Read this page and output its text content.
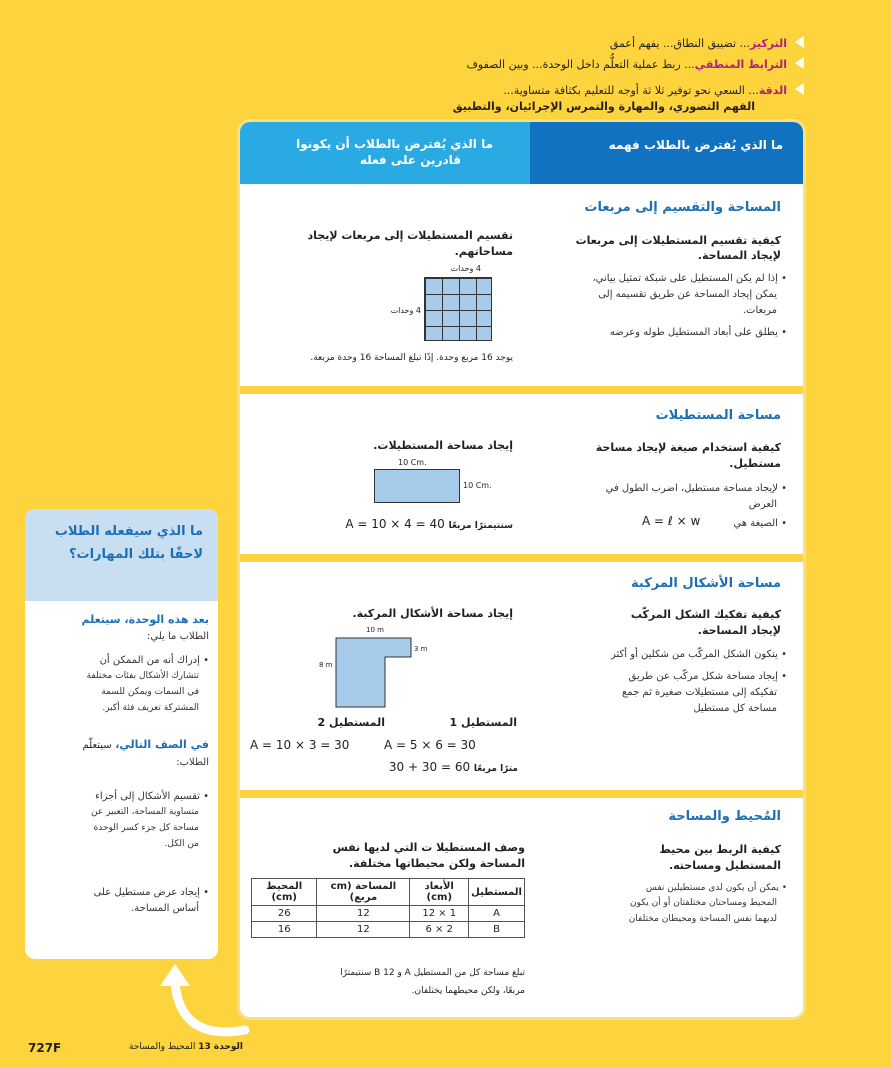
التركيز... تضييق النطاق... يفهم أعمق
الترابط المنطقي... ربط عملية التعلُّم داخل الوحدة... وبين الصفوف
الدقة... السعي نحو توفير ثلا ثة أوجه للتعليم بكثافة متساوية...
الفهم التصوري، والمهارة والتمرس الإجرائيان، والتطبيق
ما الذي يُفترض بالطلاب فهمه
ما الذي يُفترض بالطلاب أن يكونوا
قادرين على فعله
المساحة والتقسيم إلى مربعات
كيفية تقسيم المستطيلات إلى مربعات
لإيجاد المساحة.
• إذا لم يكن المستطيل على شبكة تمثيل بياني،
يمكن إيجاد المساحة عن طريق تقسيمه إلى
مربعات.
• يطلق على أبعاد المستطيل طوله وعرضه
تقسيم المستطيلات إلى مربعات لإيجاد
مساحاتهم.
4 وحدات
4 وحدات
يوجد 16 مربع وحدة. إذًا تبلغ المساحة 16 وحدة مربعة.
مساحة المستطيلات
كيفية استخدام صيغة لإيجاد مساحة
مستطيل.
• لإيجاد مساحة مستطيل، اضرب الطول في
العرض
• الصيغة هي
A = ℓ × w
إيجاد مساحة المستطيلات.
10 Cm.
10 Cm.
سنتيمترًا مربعًا A = 10 × 4 = 40
مساحة الأشكال المركبة
كيفية تفكيك الشكل المركّب
لإيجاد المساحة.
• يتكون الشكل المركّب من شكلين أو أكثر
• إيجاد مساحة شكل مركّب عن طريق
تفكيكه إلى مستطيلات صغيرة ثم جمع
مساحة كل مستطيل
إيجاد مساحة الأشكال المركبة.
10 m
3 m
8 m
المستطيل 1
المستطيل 2
A = 5 × 6 = 30
A = 10 × 3 = 30
مترًا مربعًا 30 + 30 = 60
المُحيط والمساحة
كيفية الربط بين محيط
المستطيل ومساحته.
• يمكن أن يكون لدى مستطيلين نفس
المحيط ومساحتان مختلفتان أو أن يكون
لديهما نفس المساحة ومحيطان مختلفان
وصف المستطيلا ت التي لديها نفس
المساحة ولكن محيطاتها مختلفة.
المستطيل	الأبعاد (cm)	المساحة (cm مربع)	المحيط (cm)
A	12 × 1	12	26
B	6 × 2	12	16
تبلغ مساحة كل من المستطيل A و B 12 سنتيمترًا
مربعًا، ولكن محيطهما يختلفان.
ما الذي سيفعله الطلاب
لاحقًا بتلك المهارات؟
بعد هذه الوحدة، سيتعلم
الطلاب ما يلي:
• إدراك أنه من الممكن أن
تتشارك الأشكال بفئات مختلفة
في السمات ويمكن للسمة
المشتركة تعريف فئة أكبر.
في الصف التالي، سيتعلّم
الطلاب:
• تقسيم الأشكال إلى أجزاء
متساوية المساحة، التعبير عن
مساحة كل جزء كسر الوحدة
من الكل.
• إيجاد عرض مستطيل على
أساس المساحة.
727F	الوحدة 13 المحيط والمساحة
